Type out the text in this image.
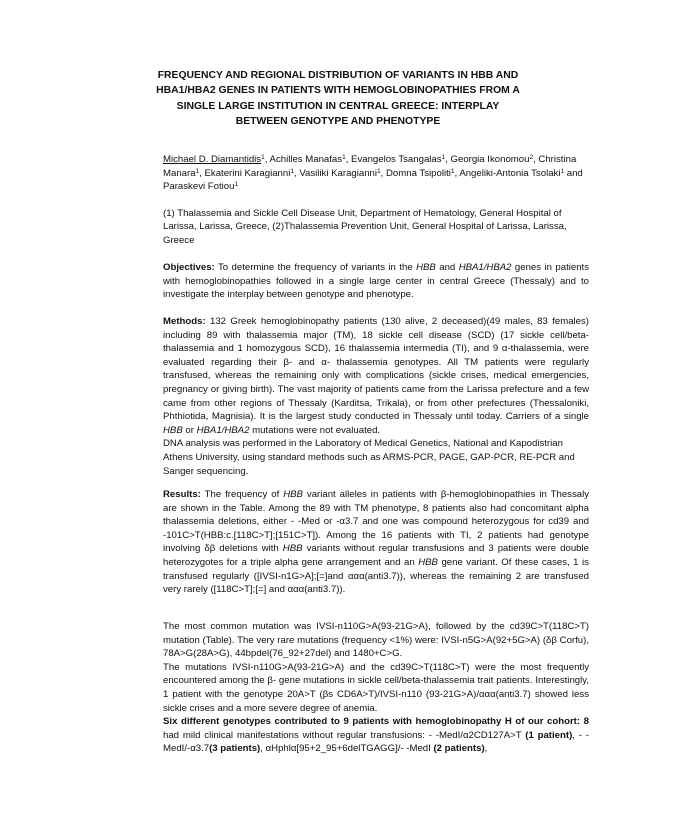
FREQUENCY AND REGIONAL DISTRIBUTION OF VARIANTS IN HBB AND HBA1/HBA2 GENES IN PATIENTS WITH HEMOGLOBINOPATHIES FROM A SINGLE LARGE INSTITUTION IN CENTRAL GREECE: INTERPLAY BETWEEN GENOTYPE AND PHENOTYPE
Michael D. Diamantidis$^1$, Achilles Manafas$^1$, Evangelos Tsangalas$^1$, Georgia Ikonomou$^2$, Christina Manara$^1$, Ekaterini Karagianni$^1$, Vasiliki Karagianni$^1$, Domna Tsipoliti$^1$, Angeliki-Antonia Tsolaki$^1$ and Paraskevi Fotiou$^1$
(1) Thalassemia and Sickle Cell Disease Unit, Department of Hematology, General Hospital of Larissa, Larissa, Greece, (2)Thalassemia Prevention Unit, General Hospital of Larissa, Larissa, Greece
Objectives: To determine the frequency of variants in the HBB and HBA1/HBA2 genes in patients with hemoglobinopathies followed in a single large center in central Greece (Thessaly) and to investigate the interplay between genotype and phenotype.
Methods: 132 Greek hemoglobinopathy patients (130 alive, 2 deceased)(49 males, 83 females) including 89 with thalassemia major (TM), 18 sickle cell disease (SCD) (17 sickle cell/beta-thalassemia and 1 homozygous SCD), 16 thalassemia intermedia (TI), and 9 α-thalassemia, were evaluated regarding their β- and α- thalassemia genotypes. All TM patients were regularly transfused, whereas the remaining only with complications (sickle crises, medical emergencies, pregnancy or giving birth). The vast majority of patients came from the Larissa prefecture and a few came from other regions of Thessaly (Karditsa, Trikala), or from other prefectures (Thessaloniki, Phthiotida, Magnisia). It is the largest study conducted in Thessaly until today. Carriers of a single HBB or HBA1/HBA2 mutations were not evaluated.
DNA analysis was performed in the Laboratory of Medical Genetics, National and Kapodistrian Athens University, using standard methods such as ARMS-PCR, PAGE, GAP-PCR, RE-PCR and Sanger sequencing.
Results: The frequency of HBB variant alleles in patients with β-hemoglobinopathies in Thessaly are shown in the Table. Among the 89 with TM phenotype, 8 patients also had concomitant alpha thalassemia deletions, either - -Med or -α3.7 and one was compound heterozygous for cd39 and -101C>T(HBB:c.[118C>T];[151C>T]). Among the 16 patients with TI, 2 patients had genotype involving δβ deletions with HBB variants without regular transfusions and 3 patients were double heterozygotes for a triple alpha gene arrangement and an HBB gene variant. Of these cases, 1 is transfused regularly ([IVSI-n1G>A];[=]and ααα(anti3.7)), whereas the remaining 2 are transfused very rarely ([118C>T];[=] and ααα(anti3.7)).
The most common mutation was IVSI-n110G>A(93-21G>A), followed by the cd39C>T(118C>T) mutation (Table). The very rare mutations (frequency <1%) were: IVSI-n5G>A(92+5G>A) (δβ Corfu), 78A>G(28A>G), 44bpdel(76_92+27del) and 1480+C>G.
The mutations IVSI-n110G>A(93-21G>A) and the cd39C>T(118C>T) were the most frequently encountered among the β- gene mutations in sickle cell/beta-thalassemia trait patients. Interestingly, 1 patient with the genotype 20A>T (βs CD6A>T)/IVSI-n110 (93-21G>A)/ααα(anti3.7) showed less sickle crises and a more severe degree of anemia.
Six different genotypes contributed to 9 patients with hemoglobinopathy H of our cohort: 8 had mild clinical manifestations without regular transfusions: - -MedI/α2CD127A>T (1 patient), - -MedI/-α3.7(3 patients), αHphlα[95+2_95+6delTGAGG]/- -MedI (2 patients),
